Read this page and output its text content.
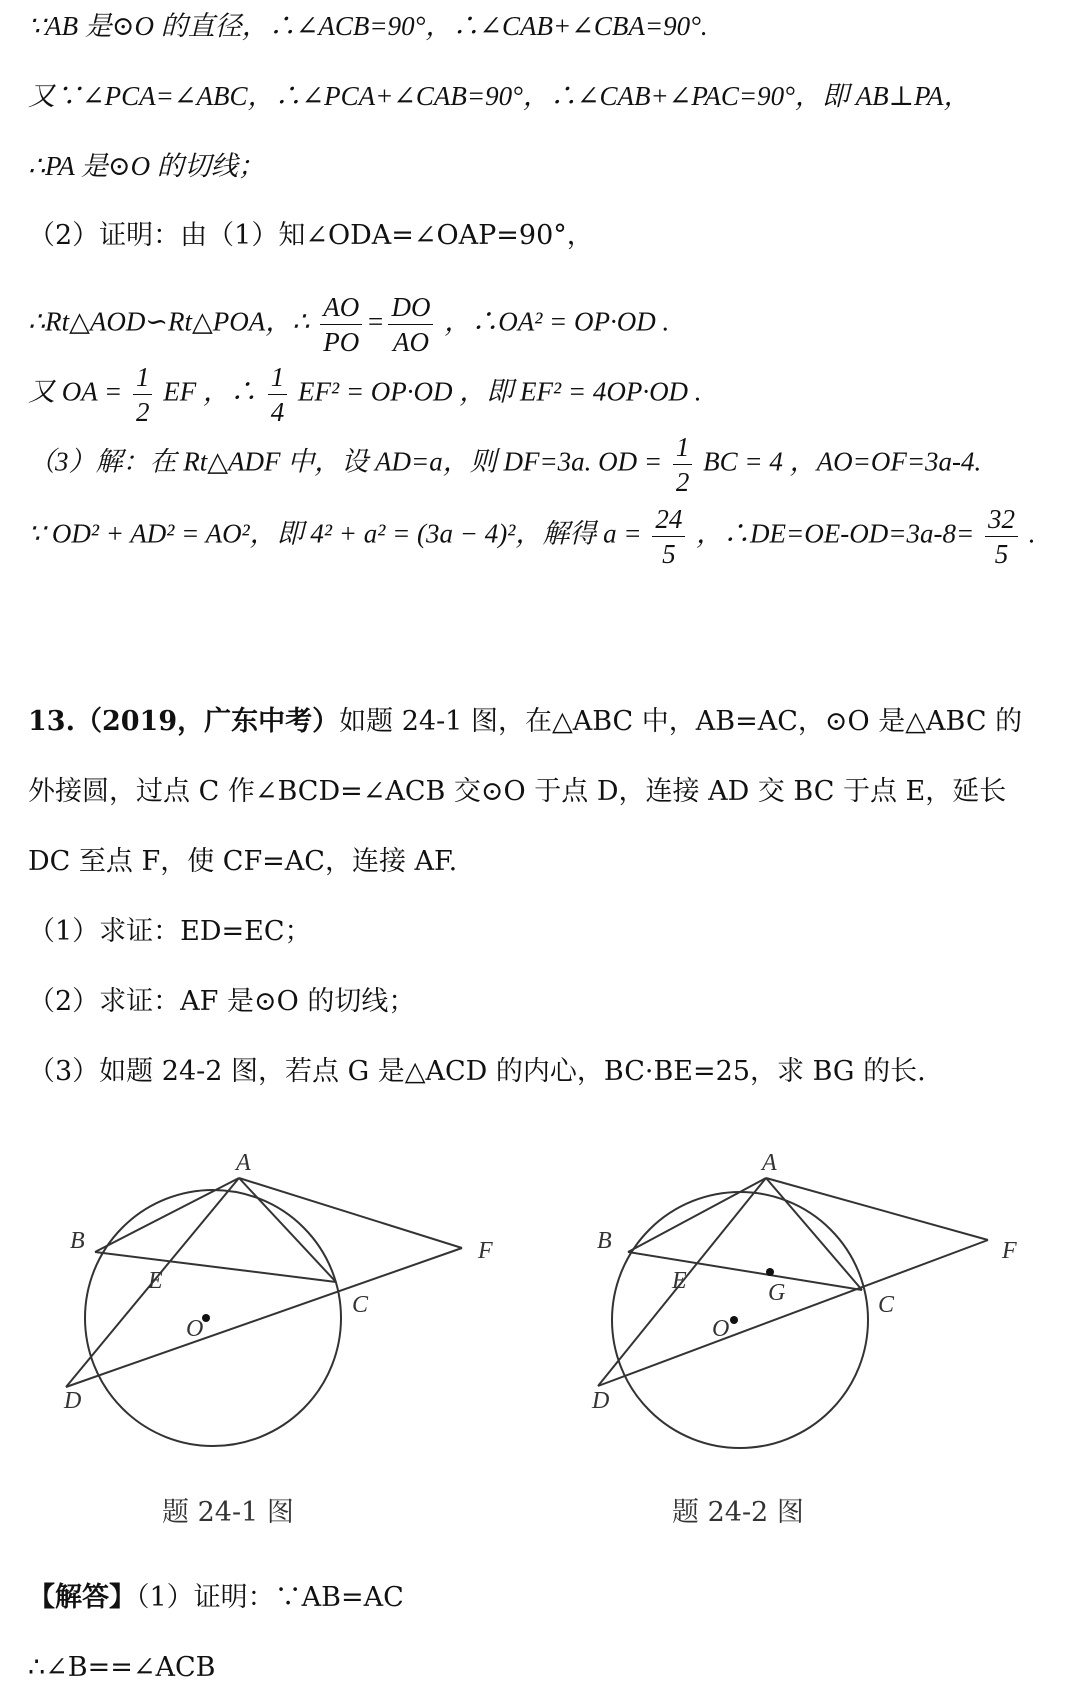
∵AB 是⊙O 的直径，∴∠ACB=90°，∴∠CAB+∠CBA=90°.
又∵∠PCA=∠ABC，∴∠PCA+∠CAB=90°，∴∠CAB+∠PAC=90°，即 AB⊥PA，
∴PA 是⊙O 的切线；
（2）证明：由（1）知∠ODA=∠OAP=90°，
∴Rt△AOD∽Rt△POA，∴ $\frac{AO}{PO} = \frac{DO}{AO}$ ，∴OA² = OP·OD .
又 OA = $\frac{1}{2}$ EF ，∴ $\frac{1}{4} EF^2 = OP\cdot OD$ ，即 EF² = 4OP·OD .
（3）解：在 Rt△ADF 中，设 AD=a，则 DF=3a. OD = $\frac{1}{2}$ BC = 4 ，AO=OF=3a-4.
∵ OD² + AD² = AO²，即 4² + a² = (3a − 4)²，解得 $a = \frac{24}{5}$ ，∴DE=OE-OD=3a-8= $\frac{32}{5}$ .
13.（2019，广东中考）如题 24-1 图，在△ABC 中，AB=AC，⊙O 是△ABC 的
外接圆，过点 C 作∠BCD=∠ACB 交⊙O 于点 D，连接 AD 交 BC 于点 E，延长
DC 至点 F，使 CF=AC，连接 AF.
（1）求证：ED=EC；
（2）求证：AF 是⊙O 的切线；
（3）如题 24-2 图，若点 G 是△ACD 的内心，BC·BE=25，求 BG 的长.
A
B
C
D
E
F
O
A
B
C
D
E
F
G
O
题 24-1 图	题 24-2 图
【解答】（1）证明：∵AB=AC
∴∠B==∠ACB
